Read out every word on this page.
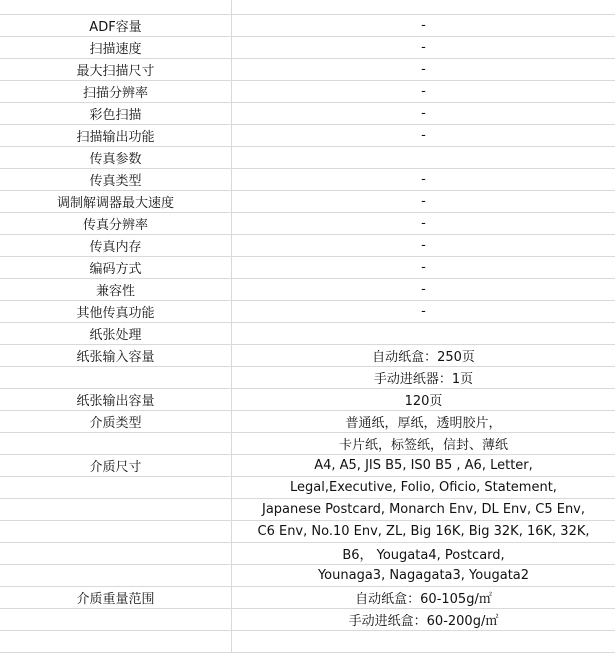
ADF容量	-
扫描速度	-
最大扫描尺寸	-
扫描分辨率	-
彩色扫描	-
扫描输出功能	-
传真参数
传真类型	-
调制解调器最大速度	-
传真分辨率	-
传真内存	-
编码方式	-
兼容性	-
其他传真功能	-
纸张处理
纸张输入容量	自动纸盒：250页
手动进纸器：1页
纸张输出容量	120页
介质类型	普通纸，厚纸，透明胶片，
卡片纸，标签纸，信封、薄纸
介质尺寸	A4, A5, JIS B5, IS0 B5 , A6, Letter,
Legal,Executive, Folio, Oficio, Statement,
Japanese Postcard, Monarch Env, DL Env, C5 Env,
C6 Env, No.10 Env, ZL, Big 16K, Big 32K, 16K, 32K,
B6， Yougata4, Postcard,
Younaga3, Nagagata3, Yougata2
介质重量范围	自动纸盒：60-105g/㎡
手动进纸盒：60-200g/㎡
